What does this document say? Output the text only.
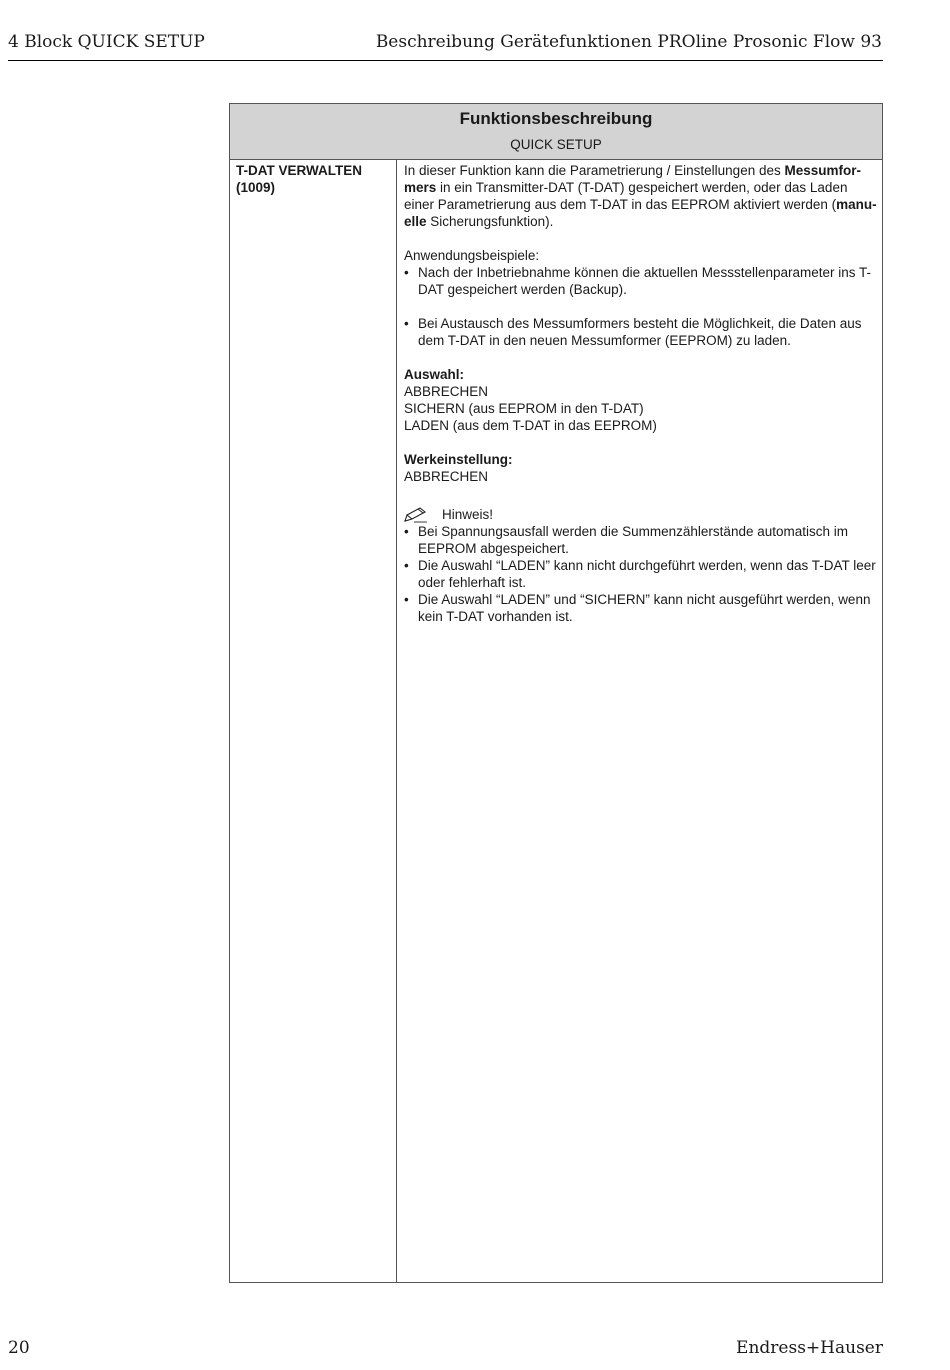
4 Block QUICK SETUP	Beschreibung Gerätefunktionen PROline Prosonic Flow 93
Funktionsbeschreibung
QUICK SETUP
T-DAT VERWALTEN
(1009)

In dieser Funktion kann die Parametrierung / Einstellungen des Messumfor-mers in ein Transmitter-DAT (T-DAT) gespeichert werden, oder das Laden einer Parametrierung aus dem T-DAT in das EEPROM aktiviert werden (manu-elle Sicherungsfunktion).

Anwendungsbeispiele:

• Nach der Inbetriebnahme können die aktuellen Messstellenparameter ins T-DAT gespeichert werden (Backup).
• Bei Austausch des Messumformers besteht die Möglichkeit, die Daten aus dem T-DAT in den neuen Messumformer (EEPROM) zu laden.

Auswahl:

ABBRECHEN

SICHERN (aus EEPROM in den T-DAT)

LADEN (aus dem T-DAT in das EEPROM)

Werkeinstellung:

ABBRECHEN

Hinweis!
• Bei Spannungsausfall werden die Summenzählerstände automatisch im EEPROM abgespeichert.
• Die Auswahl “LADEN” kann nicht durchgeführt werden, wenn das T-DAT leer oder fehlerhaft ist.
• Die Auswahl “LADEN” und “SICHERN” kann nicht ausgeführt werden, wenn kein T-DAT vorhanden ist.
20	Endress+Hauser
